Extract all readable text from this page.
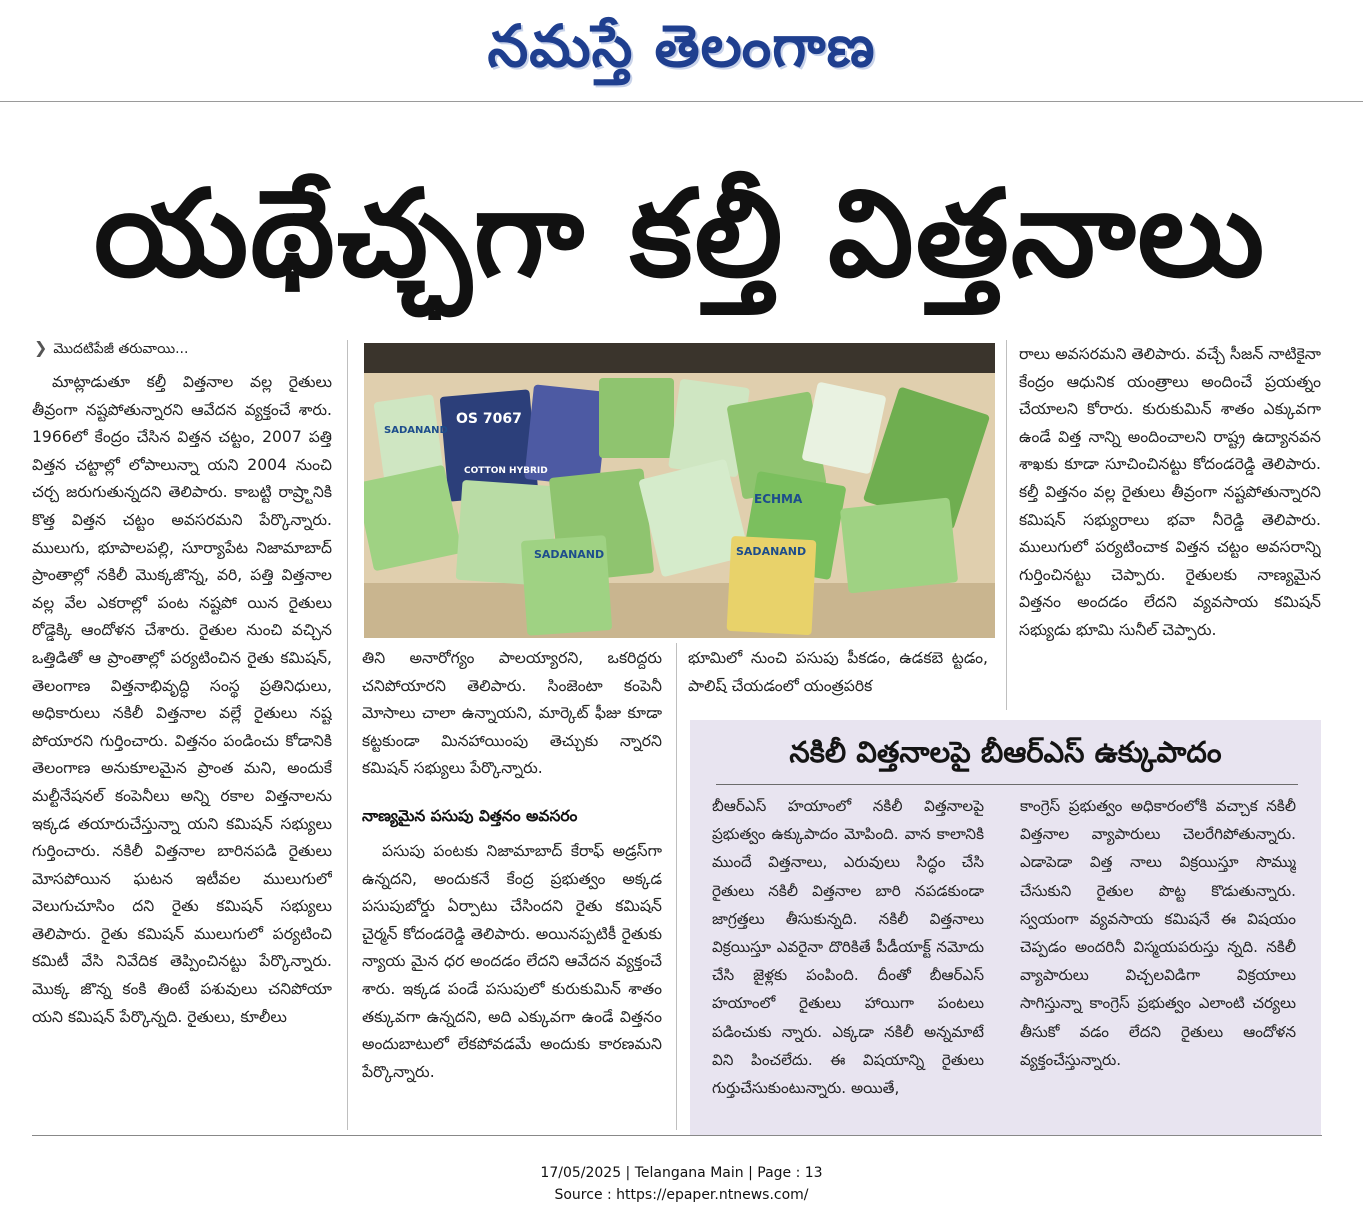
నమస్తే తెలంగాణ
యథేచ్ఛగా కల్తీ విత్తనాలు
❯ మొదటిపేజీ తరువాయి...

మాట్లాడుతూ కల్తీ విత్తనాల వల్ల రైతులు తీవ్రంగా నష్టపోతున్నారని ఆవేదన వ్యక్తంచే శారు. 1966లో కేంద్రం చేసిన విత్తన చట్టం, 2007 పత్తి విత్తన చట్టాల్లో లోపాలున్నా యని 2004 నుంచి చర్చ జరుగుతున్నదని తెలిపారు. కాబట్టి రాష్ర్టానికి కొత్త విత్తన చట్టం అవసరమని పేర్కొన్నారు. ములుగు, భూపాలపల్లి, సూర్యాపేట నిజామాబాద్ ప్రాంతాల్లో నకిలీ మొక్కజొన్న, వరి, పత్తి విత్తనాల వల్ల వేల ఎకరాల్లో పంట నష్టపో యిన రైతులు రోడ్డెక్కి ఆందోళన చేశారు. రైతుల నుంచి వచ్చిన ఒత్తిడితో ఆ ప్రాంతాల్లో పర్యటించిన రైతు కమిషన్, తెలంగాణ విత్తనాభివృద్ధి సంస్థ ప్రతినిధులు, అధికారులు నకిలీ విత్తనాల వల్లే రైతులు నష్ట పోయారని గుర్తించారు. విత్తనం పండించు కోడానికి తెలంగాణ అనుకూలమైన ప్రాంత మని, అందుకే మల్టీనేషనల్ కంపెనీలు అన్ని రకాల విత్తనాలను ఇక్కడ తయారుచేస్తున్నా యని కమిషన్ సభ్యులు గుర్తించారు. నకిలీ విత్తనాల బారినపడి రైతులు మోసపోయిన ఘటన ఇటీవల ములుగులో వెలుగుచూసిం దని రైతు కమిషన్ సభ్యులు తెలిపారు. రైతు కమిషన్ ములుగులో పర్యటించి కమిటీ వేసి నివేదిక తెప్పించినట్టు పేర్కొన్నారు. మొక్క జొన్న కంకి తింటే పశువులు చనిపోయా యని కమిషన్ పేర్కొన్నది. రైతులు, కూలీలు

OS 7067
SADANAND
COTTON HYBRID
SADANAND
ECHMA
SADANAND

తిని అనారోగ్యం పాలయ్యారని, ఒకరిద్దరు చనిపోయారని తెలిపారు. సింజెంటా కంపెనీ మోసాలు చాలా ఉన్నాయని, మార్కెట్ ఫీజు కూడా కట్టకుండా మినహాయింపు తెచ్చుకు న్నారని కమిషన్ సభ్యులు పేర్కొన్నారు.

భూమిలో నుంచి పసుపు పీకడం, ఉడకబె ట్టడం, పాలిష్ చేయడంలో యంత్రపరిక

నాణ్యమైన పసుపు విత్తనం అవసరం

పసుపు పంటకు నిజామాబాద్ కేరాఫ్ అడ్రస్‌గా ఉన్నదని, అందుకనే కేంద్ర ప్రభుత్వం అక్కడ పసుపుబోర్డు ఏర్పాటు చేసిందని రైతు కమిషన్ చైర్మన్ కోదండరెడ్డి తెలిపారు. అయినప్పటికీ రైతుకు న్యాయ మైన ధర అందడం లేదని ఆవేదన వ్యక్తంచే శారు. ఇక్కడ పండే పసుపులో కురుకుమిన్ శాతం తక్కువగా ఉన్నదని, అది ఎక్కువగా ఉండే విత్తనం అందుబాటులో లేకపోవడమే అందుకు కారణమని పేర్కొన్నారు.

రాలు అవసరమని తెలిపారు. వచ్చే సీజన్ నాటికైనా కేంద్రం ఆధునిక యంత్రాలు అందించే ప్రయత్నం చేయాలని కోరారు. కురుకుమిన్ శాతం ఎక్కువగా ఉండే విత్త నాన్ని అందించాలని రాష్ట్ర ఉద్యానవన శాఖకు కూడా సూచించినట్టు కోదండరెడ్డి తెలిపారు. కల్తీ విత్తనం వల్ల రైతులు తీవ్రంగా నష్టపోతున్నారని కమిషన్ సభ్యురాలు భవా నీరెడ్డి తెలిపారు. ములుగులో పర్యటించాక విత్తన చట్టం అవసరాన్ని గుర్తించినట్టు చెప్పారు. రైతులకు నాణ్యమైన విత్తనం అందడం లేదని వ్యవసాయ కమిషన్ సభ్యుడు భూమి సునీల్ చెప్పారు.

నకిలీ విత్తనాలపై బీఆర్‌ఎస్ ఉక్కుపాదం

బీఆర్‌ఎస్ హయాంలో నకిలీ విత్తనాలపై ప్రభుత్వం ఉక్కుపాదం మోపింది. వాన కాలానికి ముందే విత్తనాలు, ఎరువులు సిద్ధం చేసి రైతులు నకిలీ విత్తనాల బారి నపడకుండా జాగ్రత్తలు తీసుకున్నది. నకిలీ విత్తనాలు విక్రయిస్తూ ఎవరైనా దొరికితే పీడీయాక్ట్ నమోదు చేసి జైళ్లకు పంపింది. దీంతో బీఆర్‌ఎస్ హయాంలో రైతులు హాయిగా పంటలు పడించుకు న్నారు. ఎక్కడా నకిలీ అన్నమాటే విని పించలేదు. ఈ విషయాన్ని రైతులు గుర్తుచేసుకుంటున్నారు. అయితే,

కాంగ్రెస్ ప్రభుత్వం అధికారంలోకి వచ్చాక నకిలీ విత్తనాల వ్యాపారులు చెలరేగిపోతున్నారు. ఎడాపెడా విత్త నాలు విక్రయిస్తూ సొమ్ము చేసుకుని రైతుల పొట్ట కొడుతున్నారు. స్వయంగా వ్యవసాయ కమిషనే ఈ విషయం చెప్పడం అందరినీ విస్మయపరుస్తు న్నది. నకిలీ వ్యాపారులు విచ్చలవిడిగా విక్రయాలు సాగిస్తున్నా కాంగ్రెస్ ప్రభుత్వం ఎలాంటి చర్యలు తీసుకో వడం లేదని రైతులు ఆందోళన వ్యక్తంచేస్తున్నారు.

17/05/2025 | Telangana Main | Page : 13
Source : https://epaper.ntnews.com/
